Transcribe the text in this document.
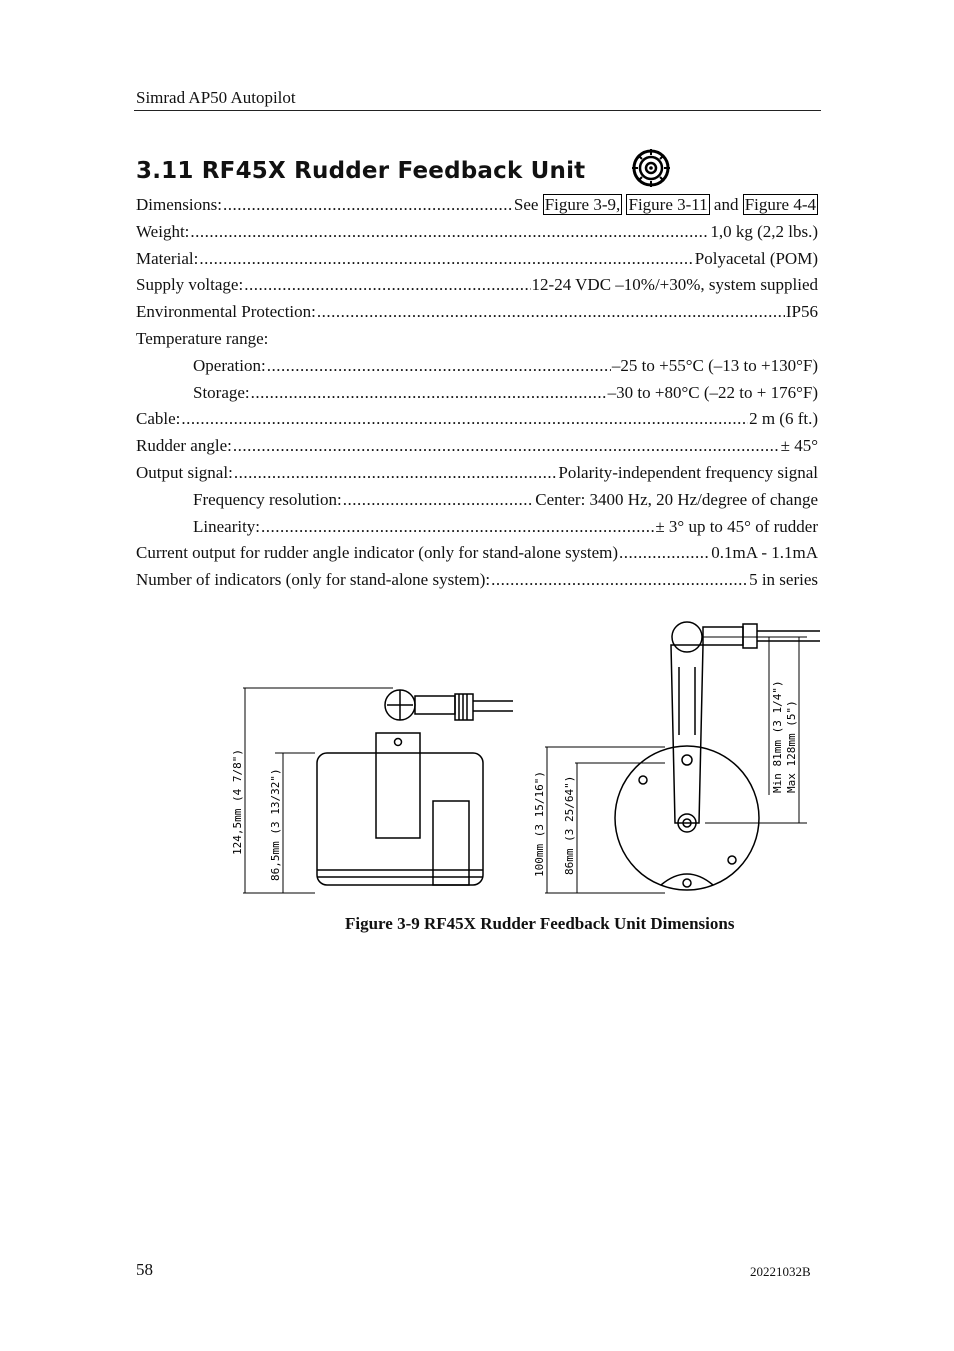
Simrad AP50 Autopilot
3.11 RF45X Rudder Feedback Unit
Dimensions: .....	See Figure 3-9, Figure 3-11 and Figure 4-4
Weight: .....	1,0 kg (2,2 lbs.)
Material: .....	Polyacetal (POM)
Supply voltage: .....	12-24 VDC –10%/+30%, system supplied
Environmental Protection: .....	IP56
Temperature range:
Operation: .....	–25 to +55°C (–13 to +130°F)
Storage: .....	–30 to +80°C (–22 to + 176°F)
Cable: .....	2 m (6 ft.)
Rudder angle: .....	± 45°
Output signal: .....	Polarity-independent frequency signal
Frequency resolution: .....	Center: 3400 Hz, 20 Hz/degree of change
Linearity: .....	± 3° up to 45° of rudder
Current output for rudder angle indicator (only for stand-alone system) .....	0.1mA - 1.1mA
Number of indicators (only for stand-alone system): .....	5 in series
124,5mm (4 7/8") 86,5mm (3 13/32")	100mm (3 15/16") 86mm (3 25/64")
Min 81mm (3 1/4") Max 128mm (5")
Figure 3-9 RF45X Rudder Feedback Unit Dimensions
58	20221032B
